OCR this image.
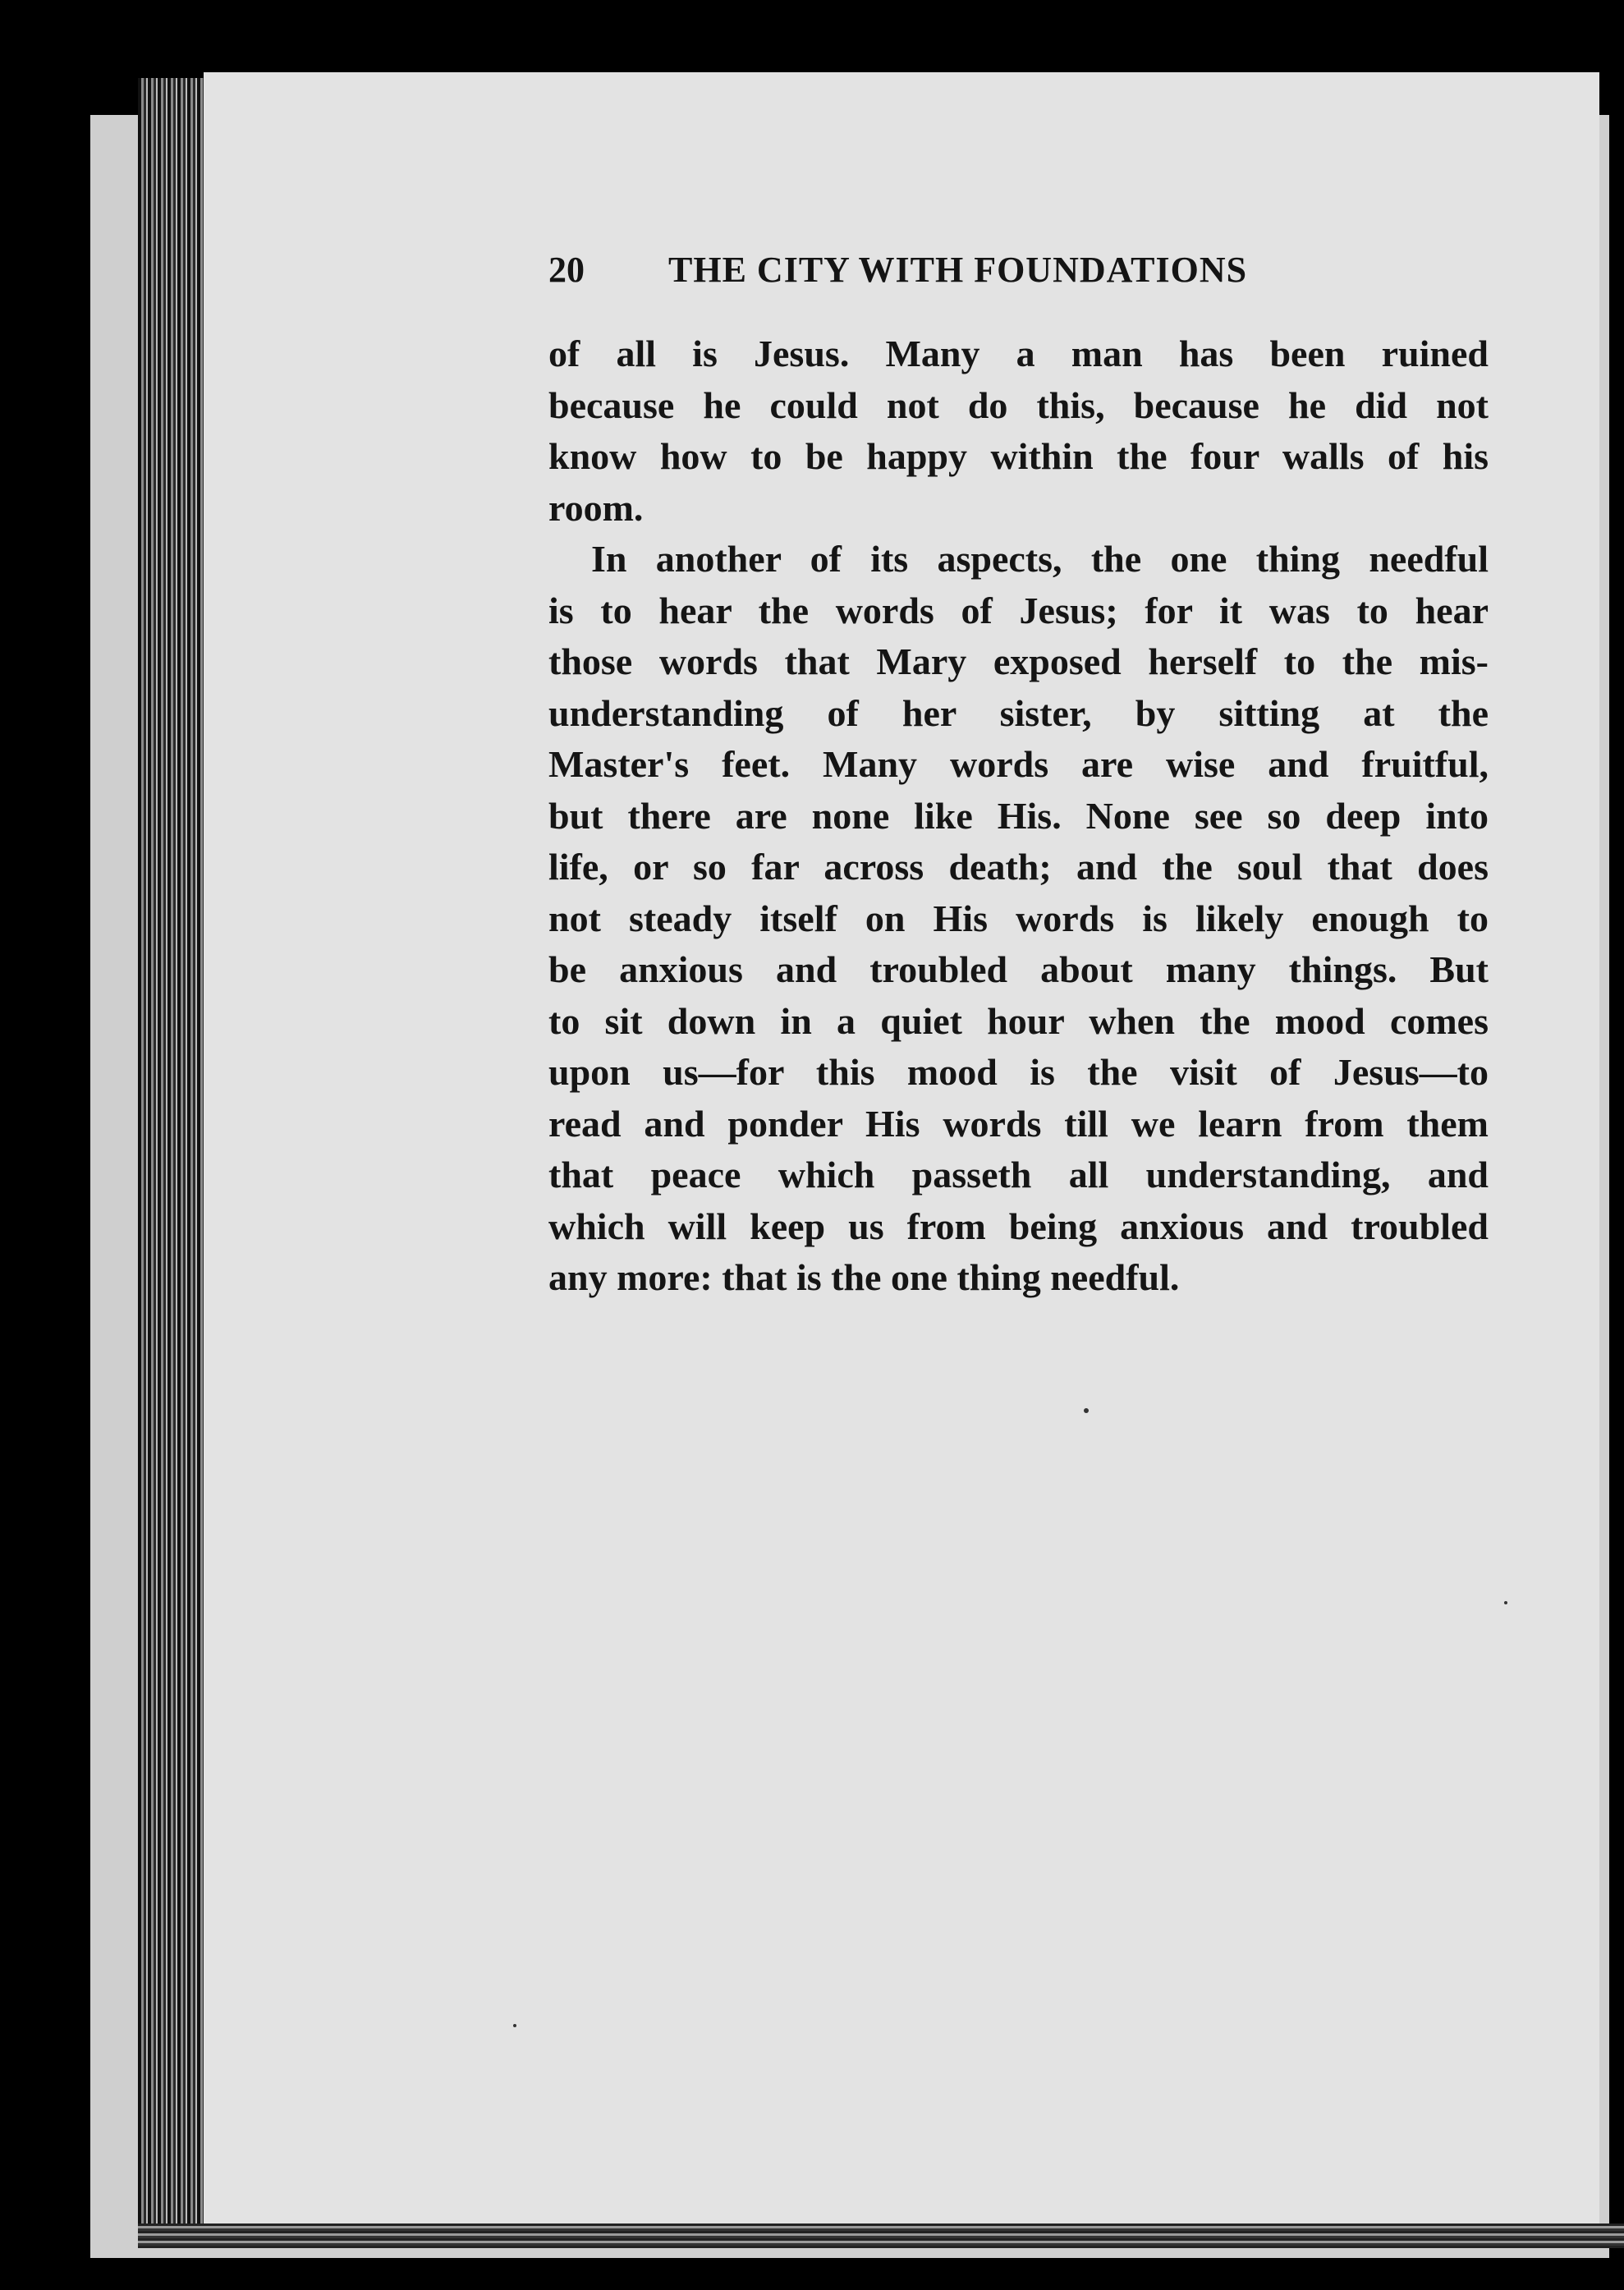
20 THE CITY WITH FOUNDATIONS
of all is Jesus. Many a man has been ruined
because he could not do this, because he did not
know how to be happy within the four walls of his
room.
In another of its aspects, the one thing needful
is to hear the words of Jesus; for it was to hear
those words that Mary exposed herself to the mis-
understanding of her sister, by sitting at the
Master's feet. Many words are wise and fruitful,
but there are none like His. None see so deep into
life, or so far across death; and the soul that does
not steady itself on His words is likely enough to
be anxious and troubled about many things. But
to sit down in a quiet hour when the mood comes
upon us—for this mood is the visit of Jesus—to
read and ponder His words till we learn from them
that peace which passeth all understanding, and
which will keep us from being anxious and troubled
any more: that is the one thing needful.
